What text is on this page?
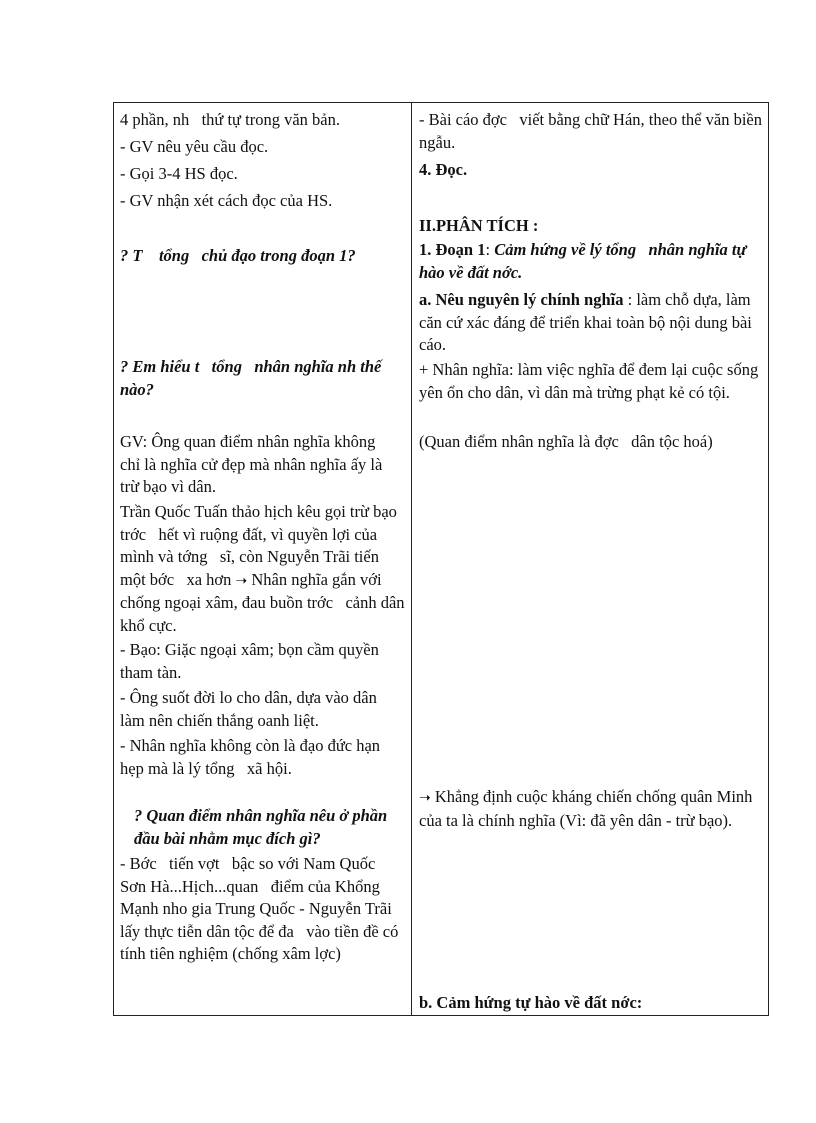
4 phần, nh   thứ tự trong văn bản.

- GV nêu yêu cầu đọc.

- Gọi 3-4 HS đọc.

- GV nhận xét cách đọc của HS.

? T    tổng   chủ đạo trong đoạn 1?

? Em hiểu t   tổng   nhân nghĩa nh thế nào?

GV: Ông quan điểm nhân nghĩa không chỉ là nghĩa cử đẹp mà nhân nghĩa ấy là trừ bạo vì dân.

Trần Quốc Tuấn thảo hịch kêu gọi trừ bạo trớc   hết vì ruộng đất, vì quyền lợi của mình và tớng   sĩ, còn Nguyễn Trãi tiến một bớc   xa hơn ➝ Nhân nghĩa gắn với chống ngoại xâm, đau buồn trớc   cảnh dân khổ cực.

- Bạo: Giặc ngoại xâm; bọn cầm quyền tham tàn.

- Ông suốt đời lo cho dân, dựa vào dân làm nên chiến thắng oanh liệt.

- Nhân nghĩa không còn là đạo đức hạn hẹp mà là lý tổng   xã hội.

? Quan điểm nhân nghĩa nêu ở phần đầu bài nhằm mục đích gì?

- Bớc   tiến vợt   bậc so với Nam Quốc Sơn Hà...Hịch...quan   điểm của Khổng Mạnh nho gia Trung Quốc - Nguyễn Trãi lấy thực tiễn dân tộc để đa   vào tiền đề có tính tiên nghiệm (chống xâm lợc)

- Bài cáo đợc   viết bằng chữ Hán, theo thể văn biền ngẫu.

4. Đọc.

II.PHÂN TÍCH :

1. Đoạn 1: Cảm hứng về lý tổng   nhân nghĩa tự hào về đất nớc.

a. Nêu nguyên lý chính nghĩa : làm chỗ dựa, làm căn cứ xác đáng để triển khai toàn bộ nội dung bài cáo.

+ Nhân nghĩa: làm việc nghĩa để đem lại cuộc sống yên ổn cho dân, vì dân mà trừng phạt kẻ có tội.

(Quan điểm nhân nghĩa là đợc   dân tộc hoá)

➝ Khẳng định cuộc kháng chiến chống quân Minh của ta là chính nghĩa (Vì: đã yên dân - trừ bạo).

b. Cảm hứng tự hào về đất nớc:
